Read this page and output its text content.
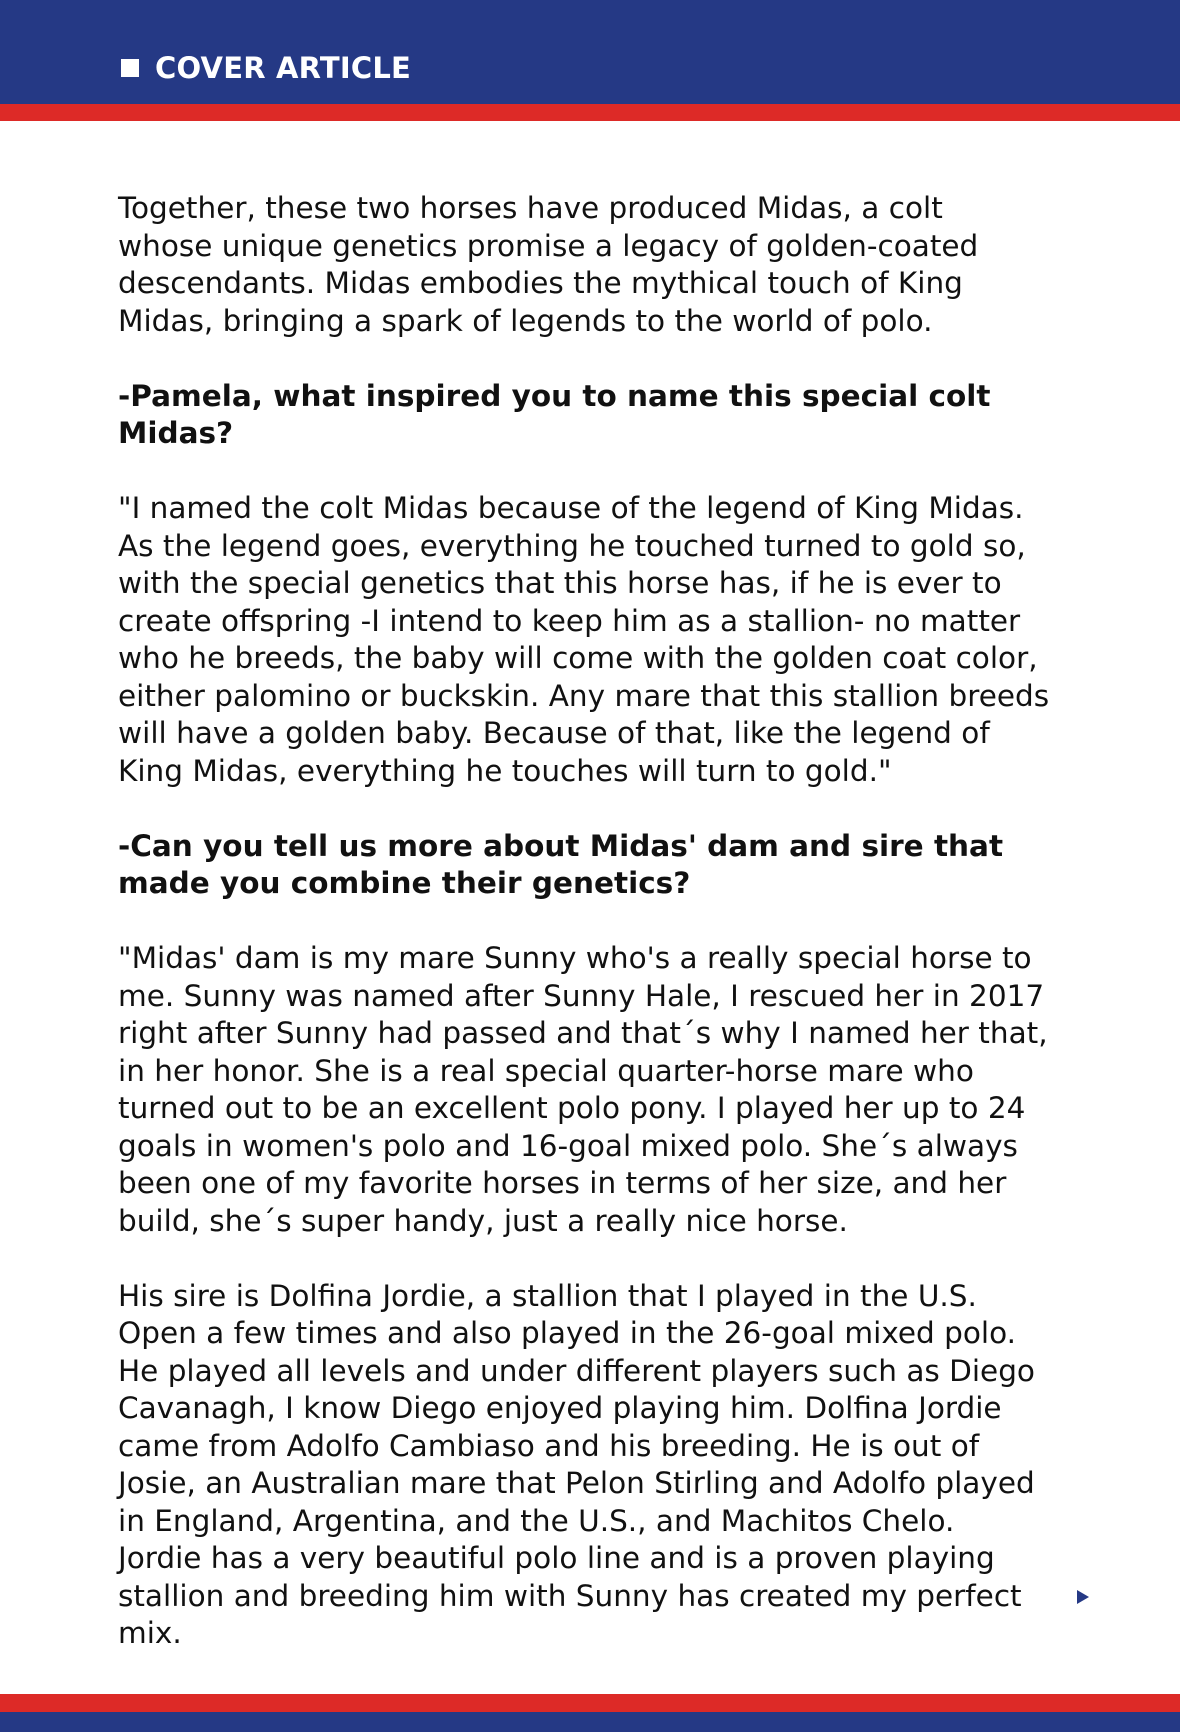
COVER ARTICLE

Together, these two horses have produced Midas, a colt
whose unique genetics promise a legacy of golden-coated
descendants. Midas embodies the mythical touch of King
Midas, bringing a spark of legends to the world of polo.

-Pamela, what inspired you to name this special colt
Midas?

"I named the colt Midas because of the legend of King Midas.
As the legend goes, everything he touched turned to gold so,
with the special genetics that this horse has, if he is ever to
create offspring -I intend to keep him as a stallion- no matter
who he breeds, the baby will come with the golden coat color,
either palomino or buckskin. Any mare that this stallion breeds
will have a golden baby. Because of that, like the legend of
King Midas, everything he touches will turn to gold."

-Can you tell us more about Midas' dam and sire that
made you combine their genetics?

"Midas' dam is my mare Sunny who's a really special horse to
me. Sunny was named after Sunny Hale, I rescued her in 2017
right after Sunny had passed and that´s why I named her that,
in her honor. She is a real special quarter-horse mare who
turned out to be an excellent polo pony. I played her up to 24
goals in women's polo and 16-goal mixed polo. She´s always
been one of my favorite horses in terms of her size, and her
build, she´s super handy, just a really nice horse.

His sire is Dolfina Jordie, a stallion that I played in the U.S.
Open a few times and also played in the 26-goal mixed polo.
He played all levels and under different players such as Diego
Cavanagh, I know Diego enjoyed playing him. Dolfina Jordie
came from Adolfo Cambiaso and his breeding. He is out of
Josie, an Australian mare that Pelon Stirling and Adolfo played
in England, Argentina, and the U.S., and Machitos Chelo.
Jordie has a very beautiful polo line and is a proven playing
stallion and breeding him with Sunny has created my perfect mix.
